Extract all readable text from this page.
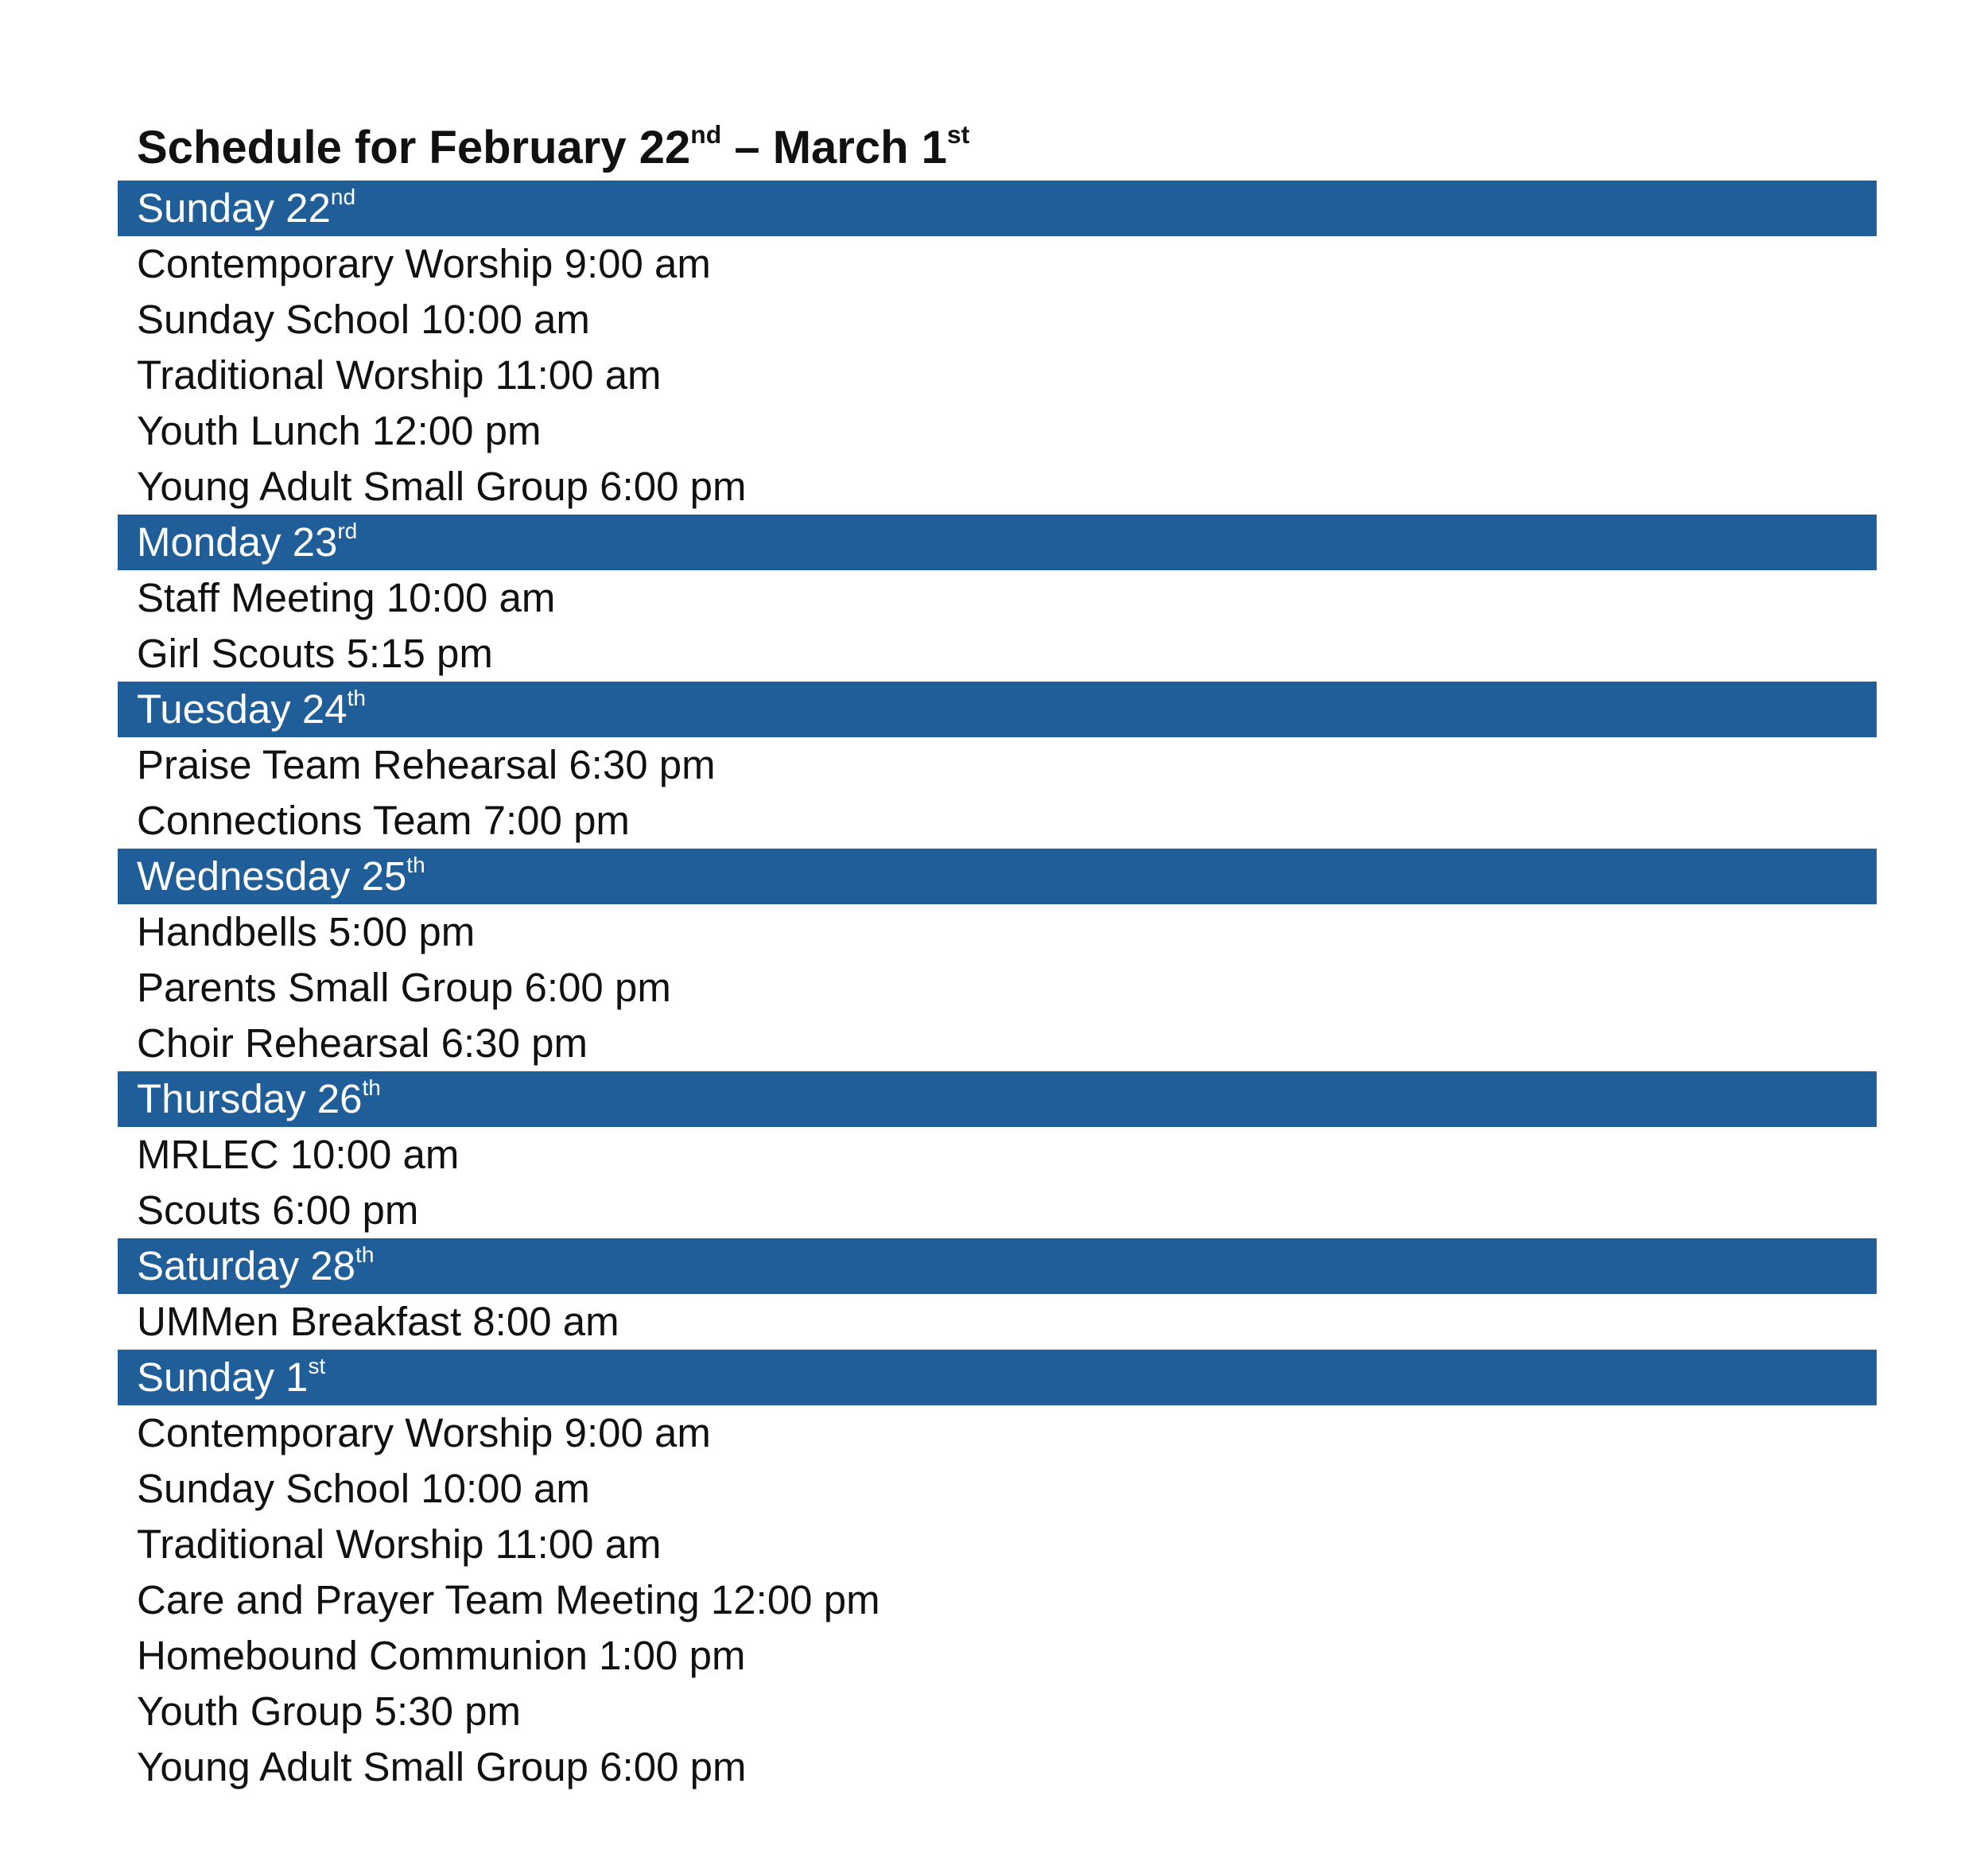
Schedule for February 22nd – March 1st
Sunday 22nd
Contemporary Worship 9:00 am
Sunday School 10:00 am
Traditional Worship 11:00 am
Youth Lunch 12:00 pm
Young Adult Small Group 6:00 pm
Monday 23rd
Staff Meeting 10:00 am
Girl Scouts 5:15 pm
Tuesday 24th
Praise Team Rehearsal 6:30 pm
Connections Team 7:00 pm
Wednesday 25th
Handbells 5:00 pm
Parents Small Group 6:00 pm
Choir Rehearsal 6:30 pm
Thursday 26th
MRLEC 10:00 am
Scouts 6:00 pm
Saturday 28th
UMMen Breakfast 8:00 am
Sunday 1st
Contemporary Worship 9:00 am
Sunday School 10:00 am
Traditional Worship 11:00 am
Care and Prayer Team Meeting 12:00 pm
Homebound Communion 1:00 pm
Youth Group 5:30 pm
Young Adult Small Group 6:00 pm
